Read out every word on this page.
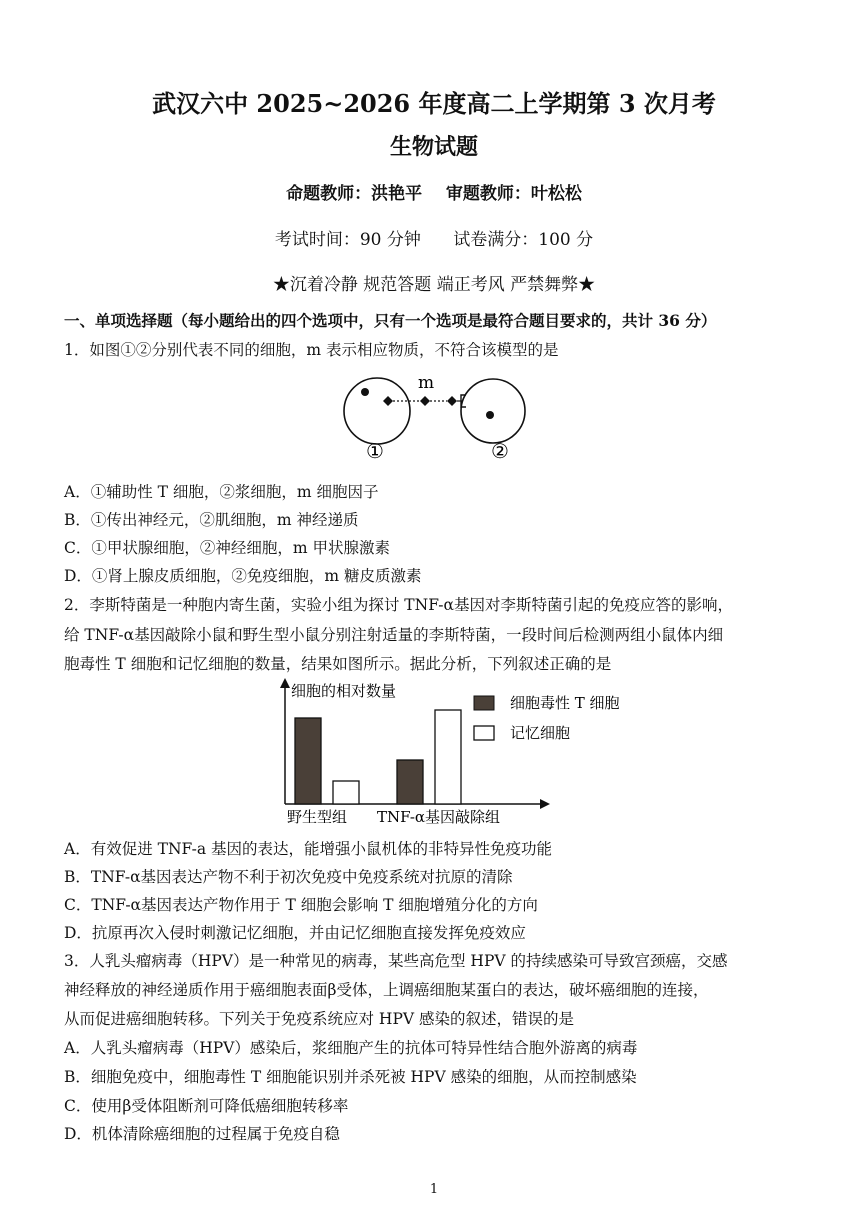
武汉六中 2025~2026 年度高二上学期第 3 次月考
生物试题
命题教师：洪艳平    审题教师：叶松松
考试时间：90 分钟      试卷满分：100 分
★沉着冷静 规范答题 端正考风 严禁舞弊★
一、单项选择题（每小题给出的四个选项中，只有一个选项是最符合题目要求的，共计 36 分）
1．如图①②分别代表不同的细胞，m 表示相应物质，不符合该模型的是
m
①	②
A．①辅助性 T 细胞，②浆细胞，m 细胞因子
B．①传出神经元，②肌细胞，m 神经递质
C．①甲状腺细胞，②神经细胞，m 甲状腺激素
D．①肾上腺皮质细胞，②免疫细胞，m 糖皮质激素
2．李斯特菌是一种胞内寄生菌，实验小组为探讨 TNF-α基因对李斯特菌引起的免疫应答的影响，
给 TNF-α基因敲除小鼠和野生型小鼠分别注射适量的李斯特菌，一段时间后检测两组小鼠体内细
胞毒性 T 细胞和记忆细胞的数量，结果如图所示。据此分析，下列叙述正确的是
细胞的相对数量
细胞毒性 T 细胞
记忆细胞
野生型组 TNF-α基因敲除组
A．有效促进 TNF-a 基因的表达，能增强小鼠机体的非特异性免疫功能
B．TNF-α基因表达产物不利于初次免疫中免疫系统对抗原的清除
C．TNF-α基因表达产物作用于 T 细胞会影响 T 细胞增殖分化的方向
D．抗原再次入侵时刺激记忆细胞，并由记忆细胞直接发挥免疫效应
3．人乳头瘤病毒（HPV）是一种常见的病毒，某些高危型 HPV 的持续感染可导致宫颈癌，交感
神经释放的神经递质作用于癌细胞表面β受体，上调癌细胞某蛋白的表达，破坏癌细胞的连接，
从而促进癌细胞转移。下列关于免疫系统应对 HPV 感染的叙述，错误的是
A．人乳头瘤病毒（HPV）感染后，浆细胞产生的抗体可特异性结合胞外游离的病毒
B．细胞免疫中，细胞毒性 T 细胞能识别并杀死被 HPV 感染的细胞，从而控制感染
C．使用β受体阻断剂可降低癌细胞转移率
D．机体清除癌细胞的过程属于免疫自稳
1
